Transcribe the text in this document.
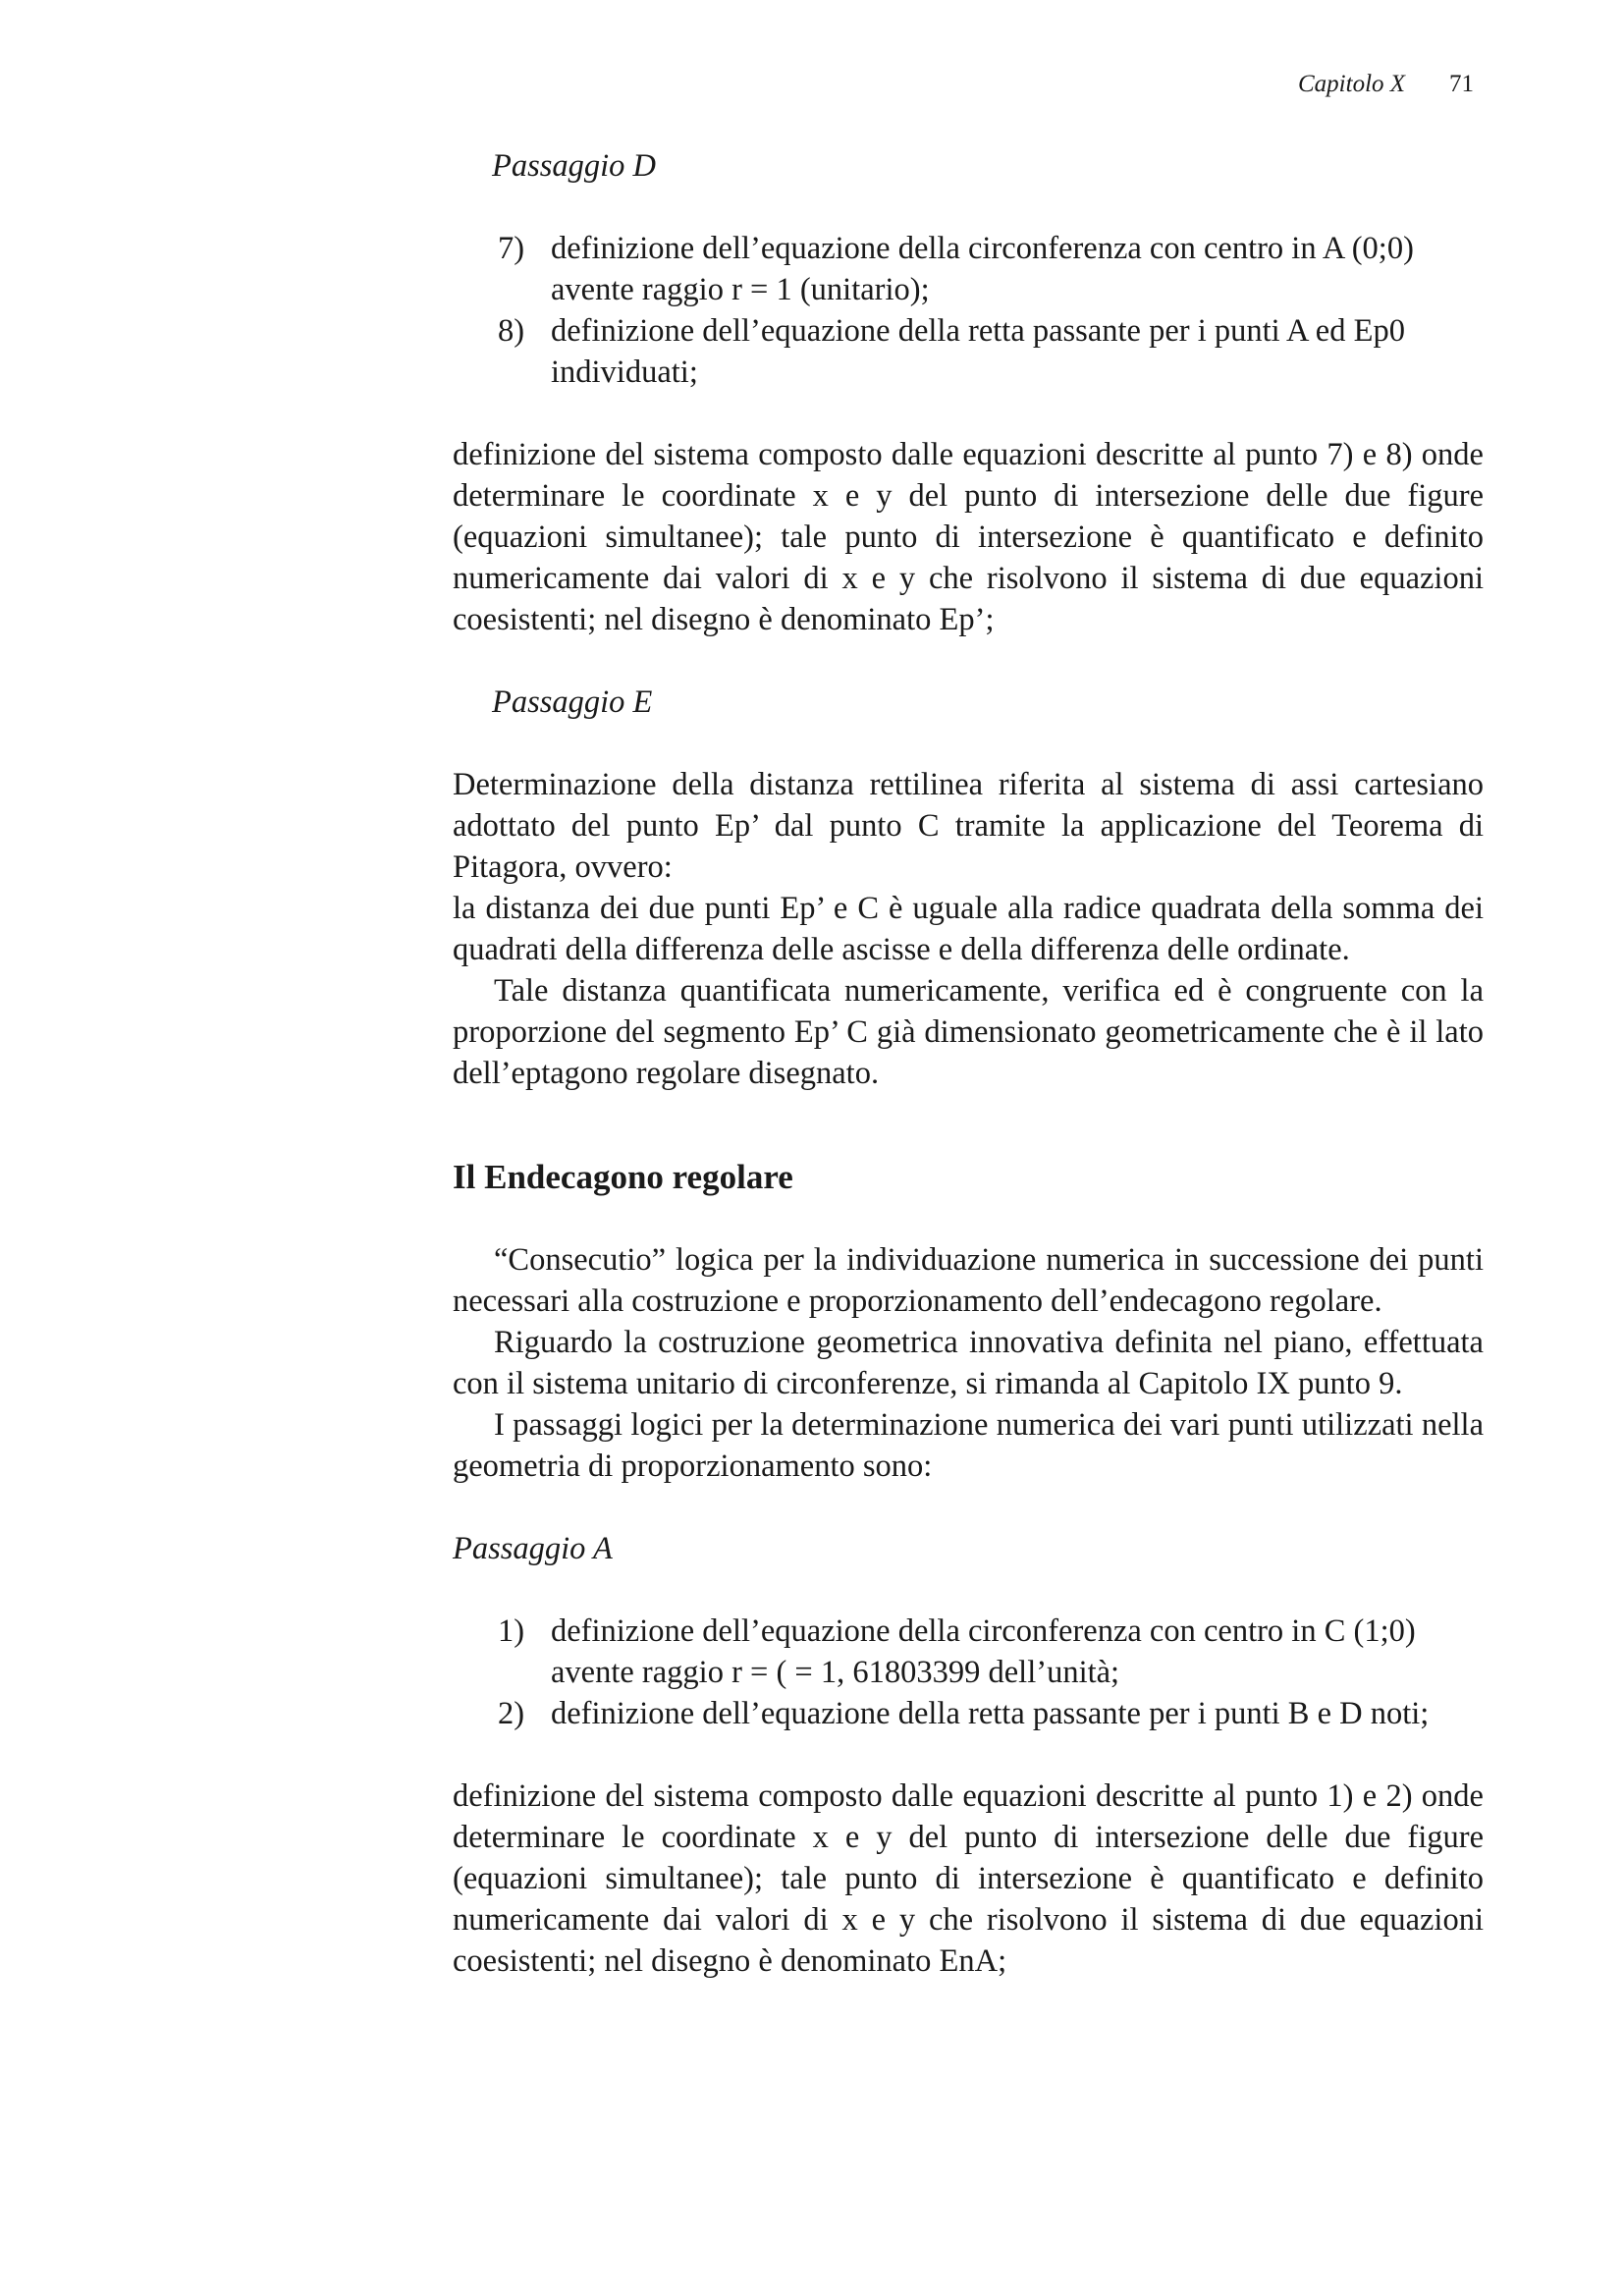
Capitolo X 71

Passaggio D

7) definizione dell’equazione della circonferenza con centro in A (0;0) avente raggio r = 1 (unitario);
8) definizione dell’equazione della retta passante per i punti A ed Ep0 individuati;

definizione del sistema composto dalle equazioni descritte al punto 7) e 8) onde determinare le coordinate x e y del punto di intersezione delle due figure (equazioni simultanee); tale punto di intersezione è quantificato e definito numericamente dai valori di x e y che risolvono il sistema di due equazioni coesistenti; nel disegno è denominato Ep’;

Passaggio E

Determinazione della distanza rettilinea riferita al sistema di assi cartesiano adottato del punto Ep’ dal punto C tramite la applicazione del Teorema di Pitagora, ovvero:

la distanza dei due punti Ep’ e C è uguale alla radice quadrata della somma dei quadrati della differenza delle ascisse e della differenza delle ordinate.

Tale distanza quantificata numericamente, verifica ed è congruente con la proporzione del segmento Ep’ C già dimensionato geometricamente che è il lato dell’eptagono regolare disegnato.

Il Endecagono regolare

“Consecutio” logica per la individuazione numerica in successione dei punti necessari alla costruzione e proporzionamento dell’endecagono regolare.

Riguardo la costruzione geometrica innovativa definita nel piano, effettuata con il sistema unitario di circonferenze, si rimanda al Capitolo IX punto 9.

I passaggi logici per la determinazione numerica dei vari punti utilizzati nella geometria di proporzionamento sono:

Passaggio A

1) definizione dell’equazione della circonferenza con centro in C (1;0) avente raggio r = ( = 1, 61803399 dell’unità;
2) definizione dell’equazione della retta passante per i punti B e D noti;

definizione del sistema composto dalle equazioni descritte al punto 1) e 2) onde determinare le coordinate x e y del punto di intersezione delle due figure (equazioni simultanee); tale punto di intersezione è quantificato e definito numericamente dai valori di x e y che risolvono il sistema di due equazioni coesistenti; nel disegno è denominato EnA;
